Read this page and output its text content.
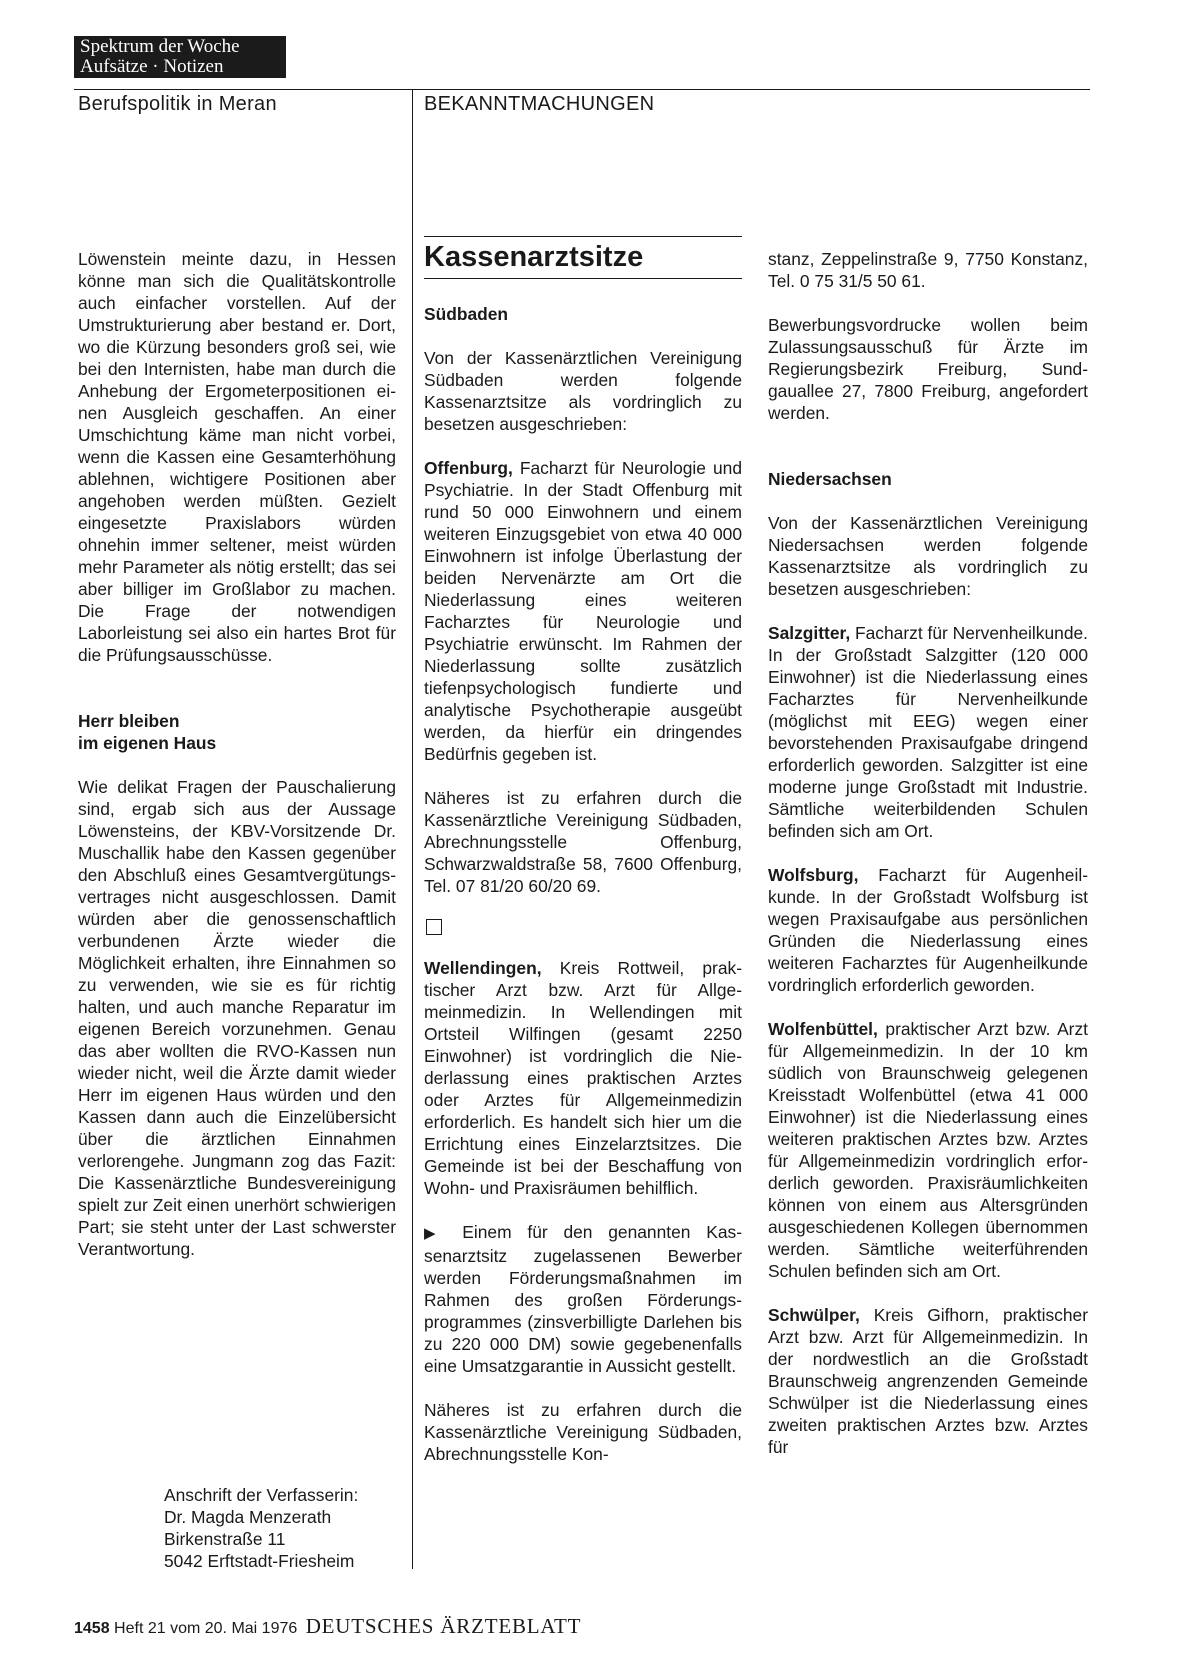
Spektrum der Woche
Aufsätze · Notizen
Berufspolitik in Meran	BEKANNTMACHUNGEN

Löwenstein meinte dazu, in Hessen könne man sich die Qualitätskontrolle auch einfacher vorstellen. Auf der Umstrukturierung aber bestand er. Dort, wo die Kürzung besonders groß sei, wie bei den Internisten, habe man durch die Anhebung der Ergometerpositionen einen Ausgleich geschaffen. An einer Umschichtung käme man nicht vorbei, wenn die Kassen eine Gesamterhöhung ablehnen, wichtigere Positionen aber angehoben werden müßten. Gezielt eingesetzte Praxislabors würden ohnehin immer seltener, meist würden mehr Parameter als nötig erstellt; das sei aber billiger im Großlabor zu machen. Die Frage der notwendigen Laborleistung sei also ein hartes Brot für die Prüfungsausschüsse.

Herr bleiben
im eigenen Haus

Wie delikat Fragen der Pauschalierung sind, ergab sich aus der Aussage Löwensteins, der KBV-Vorsitzende Dr. Muschallik habe den Kassen gegenüber den Abschluß eines Gesamtvergütungsvertrages nicht ausgeschlossen. Damit würden aber die genossenschaftlich verbundenen Ärzte wieder die Möglichkeit erhalten, ihre Einnahmen so zu verwenden, wie sie es für richtig halten, und auch manche Reparatur im eigenen Bereich vorzunehmen. Genau das aber wollten die RVO-Kassen nun wieder nicht, weil die Ärzte damit wieder Herr im eigenen Haus würden und den Kassen dann auch die Einzelübersicht über die ärztlichen Einnahmen verlorengehe. Jungmann zog das Fazit: Die Kassenärztliche Bundesvereinigung spielt zur Zeit einen unerhört schwierigen Part; sie steht unter der Last schwerster Verantwortung.

Anschrift der Verfasserin:
Dr. Magda Menzerath
Birkenstraße 11
5042 Erftstadt-Friesheim
Kassenarztsitze
Südbaden

Von der Kassenärztlichen Vereinigung Südbaden werden folgende Kassenarztsitze als vordringlich zu besetzen ausgeschrieben:

Offenburg, Facharzt für Neurologie und Psychiatrie. In der Stadt Offenburg mit rund 50 000 Einwohnern und einem weiteren Einzugsgebiet von etwa 40 000 Einwohnern ist infolge Überlastung der beiden Nervenärzte am Ort die Niederlassung eines weiteren Facharztes für Neurologie und Psychiatrie erwünscht. Im Rahmen der Niederlassung sollte zusätzlich tiefenpsychologisch fundierte und analytische Psychotherapie ausgeübt werden, da hierfür ein dringendes Bedürfnis gegeben ist.

Näheres ist zu erfahren durch die Kassenärztliche Vereinigung Südbaden, Abrechnungsstelle Offenburg, Schwarzwaldstraße 58, 7600 Offenburg, Tel. 07 81/20 60/20 69.

Wellendingen, Kreis Rottweil, praktischer Arzt bzw. Arzt für Allgemeinmedizin. In Wellendingen mit Ortsteil Wilfingen (gesamt 2250 Einwohner) ist vordringlich die Niederlassung eines praktischen Arztes oder Arztes für Allgemeinmedizin erforderlich. Es handelt sich hier um die Errichtung eines Einzelarztsitzes. Die Gemeinde ist bei der Beschaffung von Wohn- und Praxisräumen behilflich.

▶ Einem für den genannten Kassenarztsitz zugelassenen Bewerber werden Förderungsmaßnahmen im Rahmen des großen Förderungsprogrammes (zinsverbilligte Darlehen bis zu 220 000 DM) sowie gegebenenfalls eine Umsatzgarantie in Aussicht gestellt.

Näheres ist zu erfahren durch die Kassenärztliche Vereinigung Südbaden, Abrechnungsstelle Kon-

stanz, Zeppelinstraße 9, 7750 Konstanz, Tel. 0 75 31/5 50 61.

Bewerbungsvordrucke wollen beim Zulassungsausschuß für Ärzte im Regierungsbezirk Freiburg, Sundgauallee 27, 7800 Freiburg, angefordert werden.

Niedersachsen

Von der Kassenärztlichen Vereinigung Niedersachsen werden folgende Kassenarztsitze als vordringlich zu besetzen ausgeschrieben:

Salzgitter, Facharzt für Nervenheilkunde. In der Großstadt Salzgitter (120 000 Einwohner) ist die Niederlassung eines Facharztes für Nervenheilkunde (möglichst mit EEG) wegen einer bevorstehenden Praxisaufgabe dringend erforderlich geworden. Salzgitter ist eine moderne junge Großstadt mit Industrie. Sämtliche weiterbildenden Schulen befinden sich am Ort.

Wolfsburg, Facharzt für Augenheilkunde. In der Großstadt Wolfsburg ist wegen Praxisaufgabe aus persönlichen Gründen die Niederlassung eines weiteren Facharztes für Augenheilkunde vordringlich erforderlich geworden.

Wolfenbüttel, praktischer Arzt bzw. Arzt für Allgemeinmedizin. In der 10 km südlich von Braunschweig gelegenen Kreisstadt Wolfenbüttel (etwa 41 000 Einwohner) ist die Niederlassung eines weiteren praktischen Arztes bzw. Arztes für Allgemeinmedizin vordringlich erforderlich geworden. Praxisräumlichkeiten können von einem aus Altersgründen ausgeschiedenen Kollegen übernommen werden. Sämtliche weiterführenden Schulen befinden sich am Ort.

Schwülper, Kreis Gifhorn, praktischer Arzt bzw. Arzt für Allgemeinmedizin. In der nordwestlich an die Großstadt Braunschweig angrenzenden Gemeinde Schwülper ist die Niederlassung eines zweiten praktischen Arztes bzw. Arztes für

1458 Heft 21 vom 20. Mai 1976 DEUTSCHES ÄRZTEBLATT
